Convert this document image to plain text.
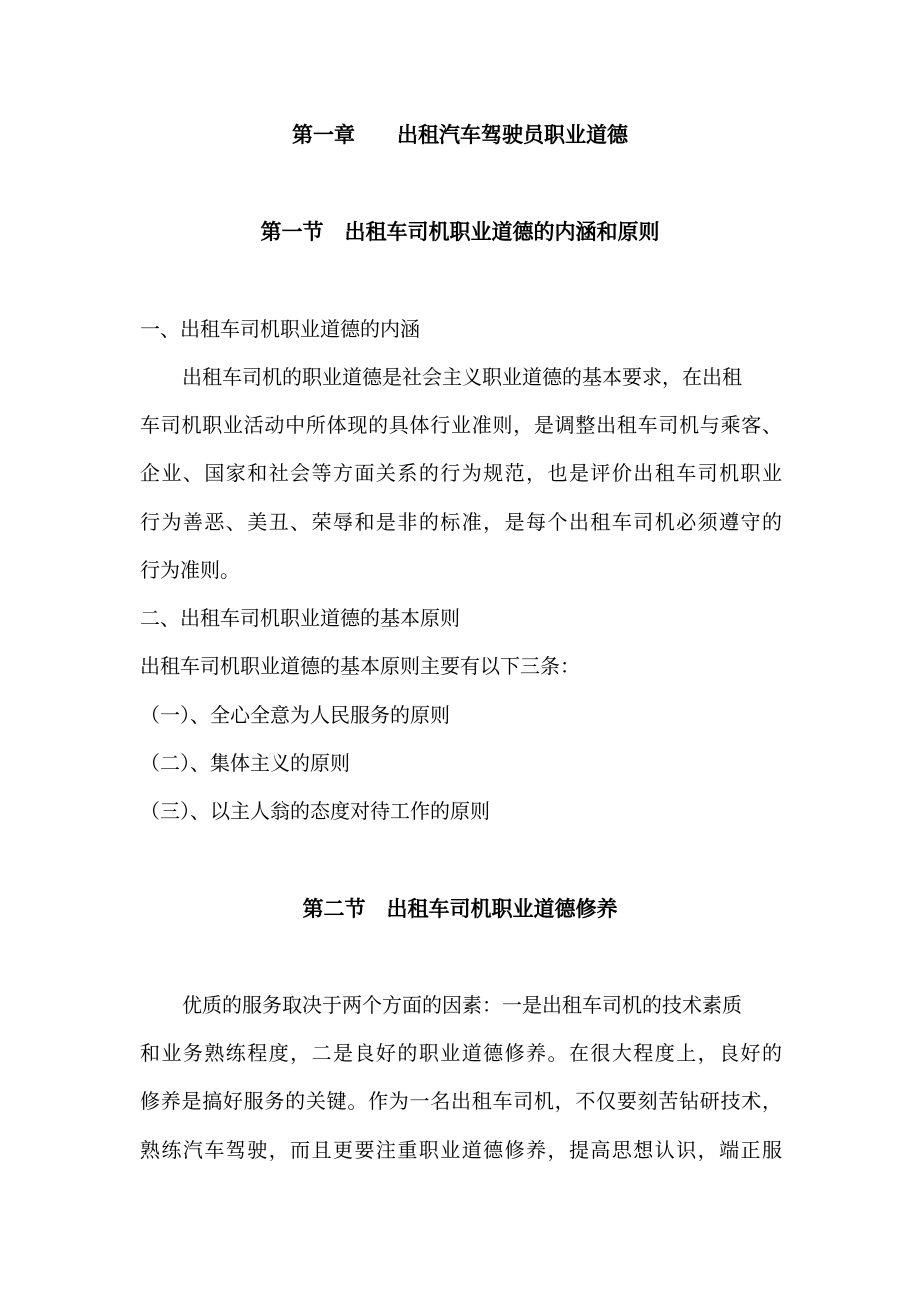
第一章　　出租汽车驾驶员职业道德
第一节　出租车司机职业道德的内涵和原则
一、出租车司机职业道德的内涵
出租车司机的职业道德是社会主义职业道德的基本要求，在出租
车司机职业活动中所体现的具体行业准则，是调整出租车司机与乘客、
企业、国家和社会等方面关系的行为规范，也是评价出租车司机职业
行为善恶、美丑、荣辱和是非的标准，是每个出租车司机必须遵守的
行为准则。
二、出租车司机职业道德的基本原则
出租车司机职业道德的基本原则主要有以下三条：
（一）、全心全意为人民服务的原则
（二）、集体主义的原则
（三）、以主人翁的态度对待工作的原则
第二节　出租车司机职业道德修养
优质的服务取决于两个方面的因素：一是出租车司机的技术素质
和业务熟练程度，二是良好的职业道德修养。在很大程度上，良好的
修养是搞好服务的关键。作为一名出租车司机，不仅要刻苦钻研技术，
熟练汽车驾驶，而且更要注重职业道德修养，提高思想认识，端正服
